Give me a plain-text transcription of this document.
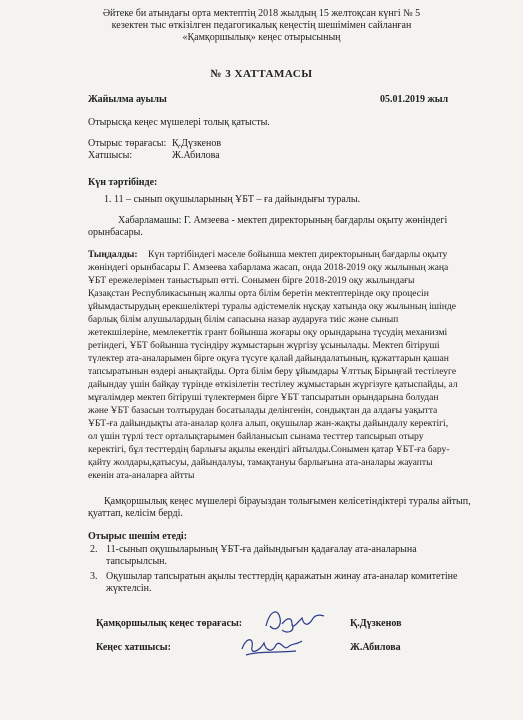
Әйтеке би атындағы орта мектептің 2018 жылдың 15 желтоқсан күнгі № 5
кезектен тыс өткізілген педагогикалық кеңестің шешімімен сайланған
«Қамқоршылық» кеңес отырысының
№ 3 ХАТТАМАСЫ
Жайылма ауылы	05.01.2019 жыл
Отырысқа кеңес мүшелері толық қатысты.
Отырыс төрағасы: Қ.Дүзкенов
Хатшысы:	Ж.Абилова
Күн тәртібінде:
1. 11 – сынып оқушыларының ҰБТ – ға дайындығы туралы.
Хабарламашы: Г. Амзеева - мектеп директорының бағдарлы оқыту жөніндегі
орынбасары.
Тыңдалды: Күн тәртібіндегі мәселе бойынша мектеп директорының бағдарлы оқыту
жөніндегі орынбасары Г. Амзеева хабарлама жасап, онда 2018-2019 оқу жылының жаңа
ҰБТ ережелерімен таныстырып өтті. Сонымен бірге 2018-2019 оқу жылындағы
Қазақстан Республикасының жалпы орта білім беретін мектептерінде оқу процесін
ұйымдастырудың ерекшеліктері туралы әдістемелік нұсқау хатында оқу жылының ішінде
барлық білім алушылардың білім сапасына назар аударуға тиіс және сынып
жетекшілеріне, мемлекеттік грант бойынша жоғары оқу орындарына түсудің механизмі
ретіндегі, ҰБТ бойынша түсіндіру жұмыстарын жүргізу ұсынылады. Мектеп бітіруші
түлектер ата-аналарымен бірге оқуға түсуге қалай дайындалатының, құжаттарын қашан
тапсыратынын өздері анықтайды. Орта білім беру ұйымдары Ұлттық Бірыңғай тестілеуге
дайындау үшін байқау түрінде өткізілетін тестілеу жұмыстарын жүргізуге қатыспайды, ал
мұғалімдер мектеп бітіруші түлектермен бірге ҰБТ тапсыратын орындарына болудан
және ҰБТ базасын толтырудан босатылады делінгенін, сондықтан да алдағы уақытта
ҰБТ-ға дайындықты ата-аналар қолға алып, оқушылар жан-жақты дайындалу керектігі,
ол үшін түрлі тест орталықтарымен байланысып сынама тесттер тапсырып отыру
керектігі, бұл тесттердің барлығы ақылы екендігі айтылды.Сонымен қатар ҰБТ-ға бару-
қайту жолдары,қатысуы, дайындалуы, тамақтануы барлығына ата-аналары жауапты
екенін ата-аналарға айтты
Қамқоршылық кеңес мүшелері бірауыздан толығымен келісетіндіктері туралы айтып,
қуаттап, келісім берді.
Отырыс шешім етеді:
2. 11-сынып оқушыларының ҰБТ-ға дайындығын қадағалау ата-аналарына
тапсырылсын.
3. Оқушылар тапсыратын ақылы тесттердің қаражатын жинау ата-аналар комитетіне
жүктелсін.
Қамқоршылық кеңес төрағасы:	Қ.Дүзкенов
Кеңес хатшысы:	Ж.Абилова
